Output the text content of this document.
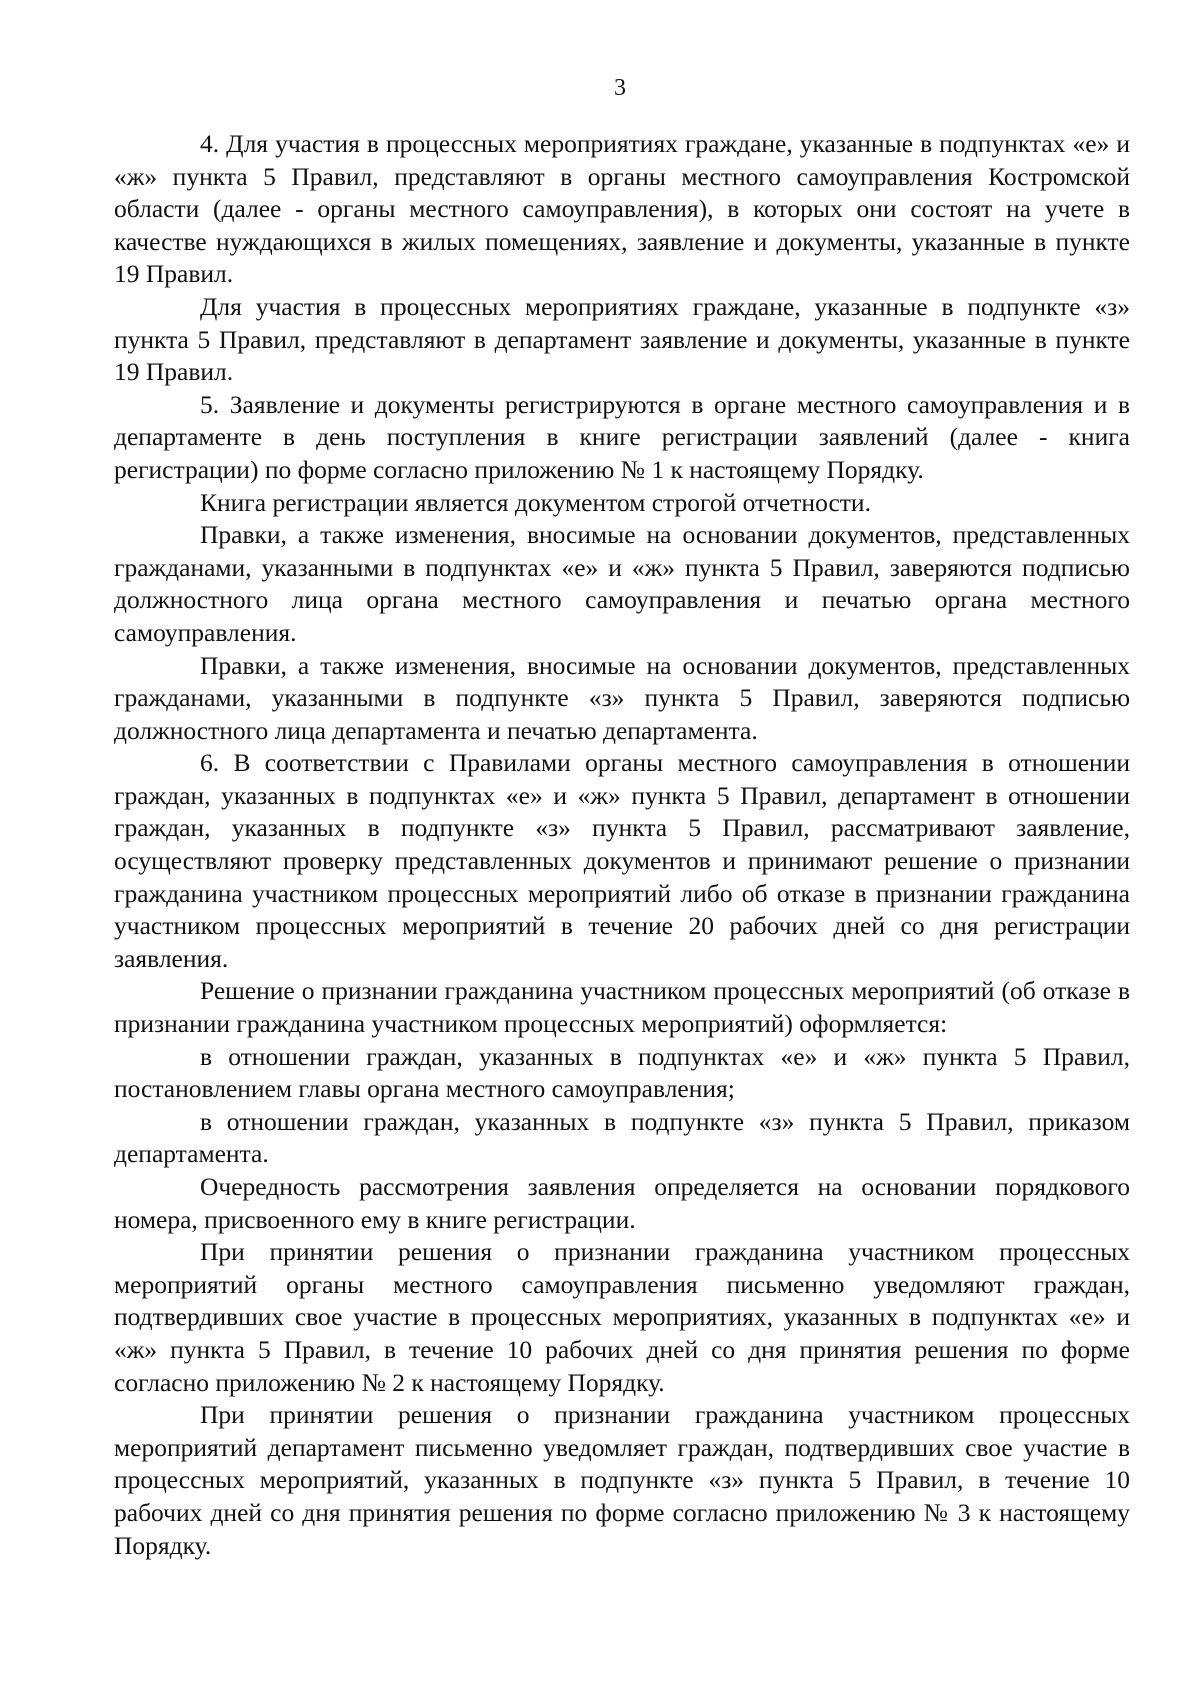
3

4. Для участия в процессных мероприятиях граждане, указанные в подпунктах «е» и «ж» пункта 5 Правил, представляют в органы местного самоуправления Костромской области (далее - органы местного самоуправления), в которых они состоят на учете в качестве нуждающихся в жилых помещениях, заявление и документы, указанные в пункте 19 Правил.

Для участия в процессных мероприятиях граждане, указанные в подпункте «з» пункта 5 Правил, представляют в департамент заявление и документы, указанные в пункте 19 Правил.

5. Заявление и документы регистрируются в органе местного самоуправления и в департаменте в день поступления в книге регистрации заявлений (далее - книга регистрации) по форме согласно приложению № 1 к настоящему Порядку.

Книга регистрации является документом строгой отчетности.

Правки, а также изменения, вносимые на основании документов, представленных гражданами, указанными в подпунктах «е» и «ж» пункта 5 Правил, заверяются подписью должностного лица органа местного самоуправления и печатью органа местного самоуправления.

Правки, а также изменения, вносимые на основании документов, представленных гражданами, указанными в подпункте «з» пункта 5 Правил, заверяются подписью должностного лица департамента и печатью департамента.

6. В соответствии с Правилами органы местного самоуправления в отношении граждан, указанных в подпунктах «е» и «ж» пункта 5 Правил, департамент в отношении граждан, указанных в подпункте «з» пункта 5 Правил, рассматривают заявление, осуществляют проверку представленных документов и принимают решение о признании гражданина участником процессных мероприятий либо об отказе в признании гражданина участником процессных мероприятий в течение 20 рабочих дней со дня регистрации заявления.

Решение о признании гражданина участником процессных мероприятий (об отказе в признании гражданина участником процессных мероприятий) оформляется:

в отношении граждан, указанных в подпунктах «е» и «ж» пункта 5 Правил, постановлением главы органа местного самоуправления;

в отношении граждан, указанных в подпункте «з» пункта 5 Правил, приказом департамента.

Очередность рассмотрения заявления определяется на основании порядкового номера, присвоенного ему в книге регистрации.

При принятии решения о признании гражданина участником процессных мероприятий органы местного самоуправления письменно уведомляют граждан, подтвердивших свое участие в процессных мероприятиях, указанных в подпунктах «е» и «ж» пункта 5 Правил, в течение 10 рабочих дней со дня принятия решения по форме согласно приложению № 2 к настоящему Порядку.

При принятии решения о признании гражданина участником процессных мероприятий департамент письменно уведомляет граждан, подтвердивших свое участие в процессных мероприятий, указанных в подпункте «з» пункта 5 Правил, в течение 10 рабочих дней со дня принятия решения по форме согласно приложению № 3 к настоящему Порядку.
